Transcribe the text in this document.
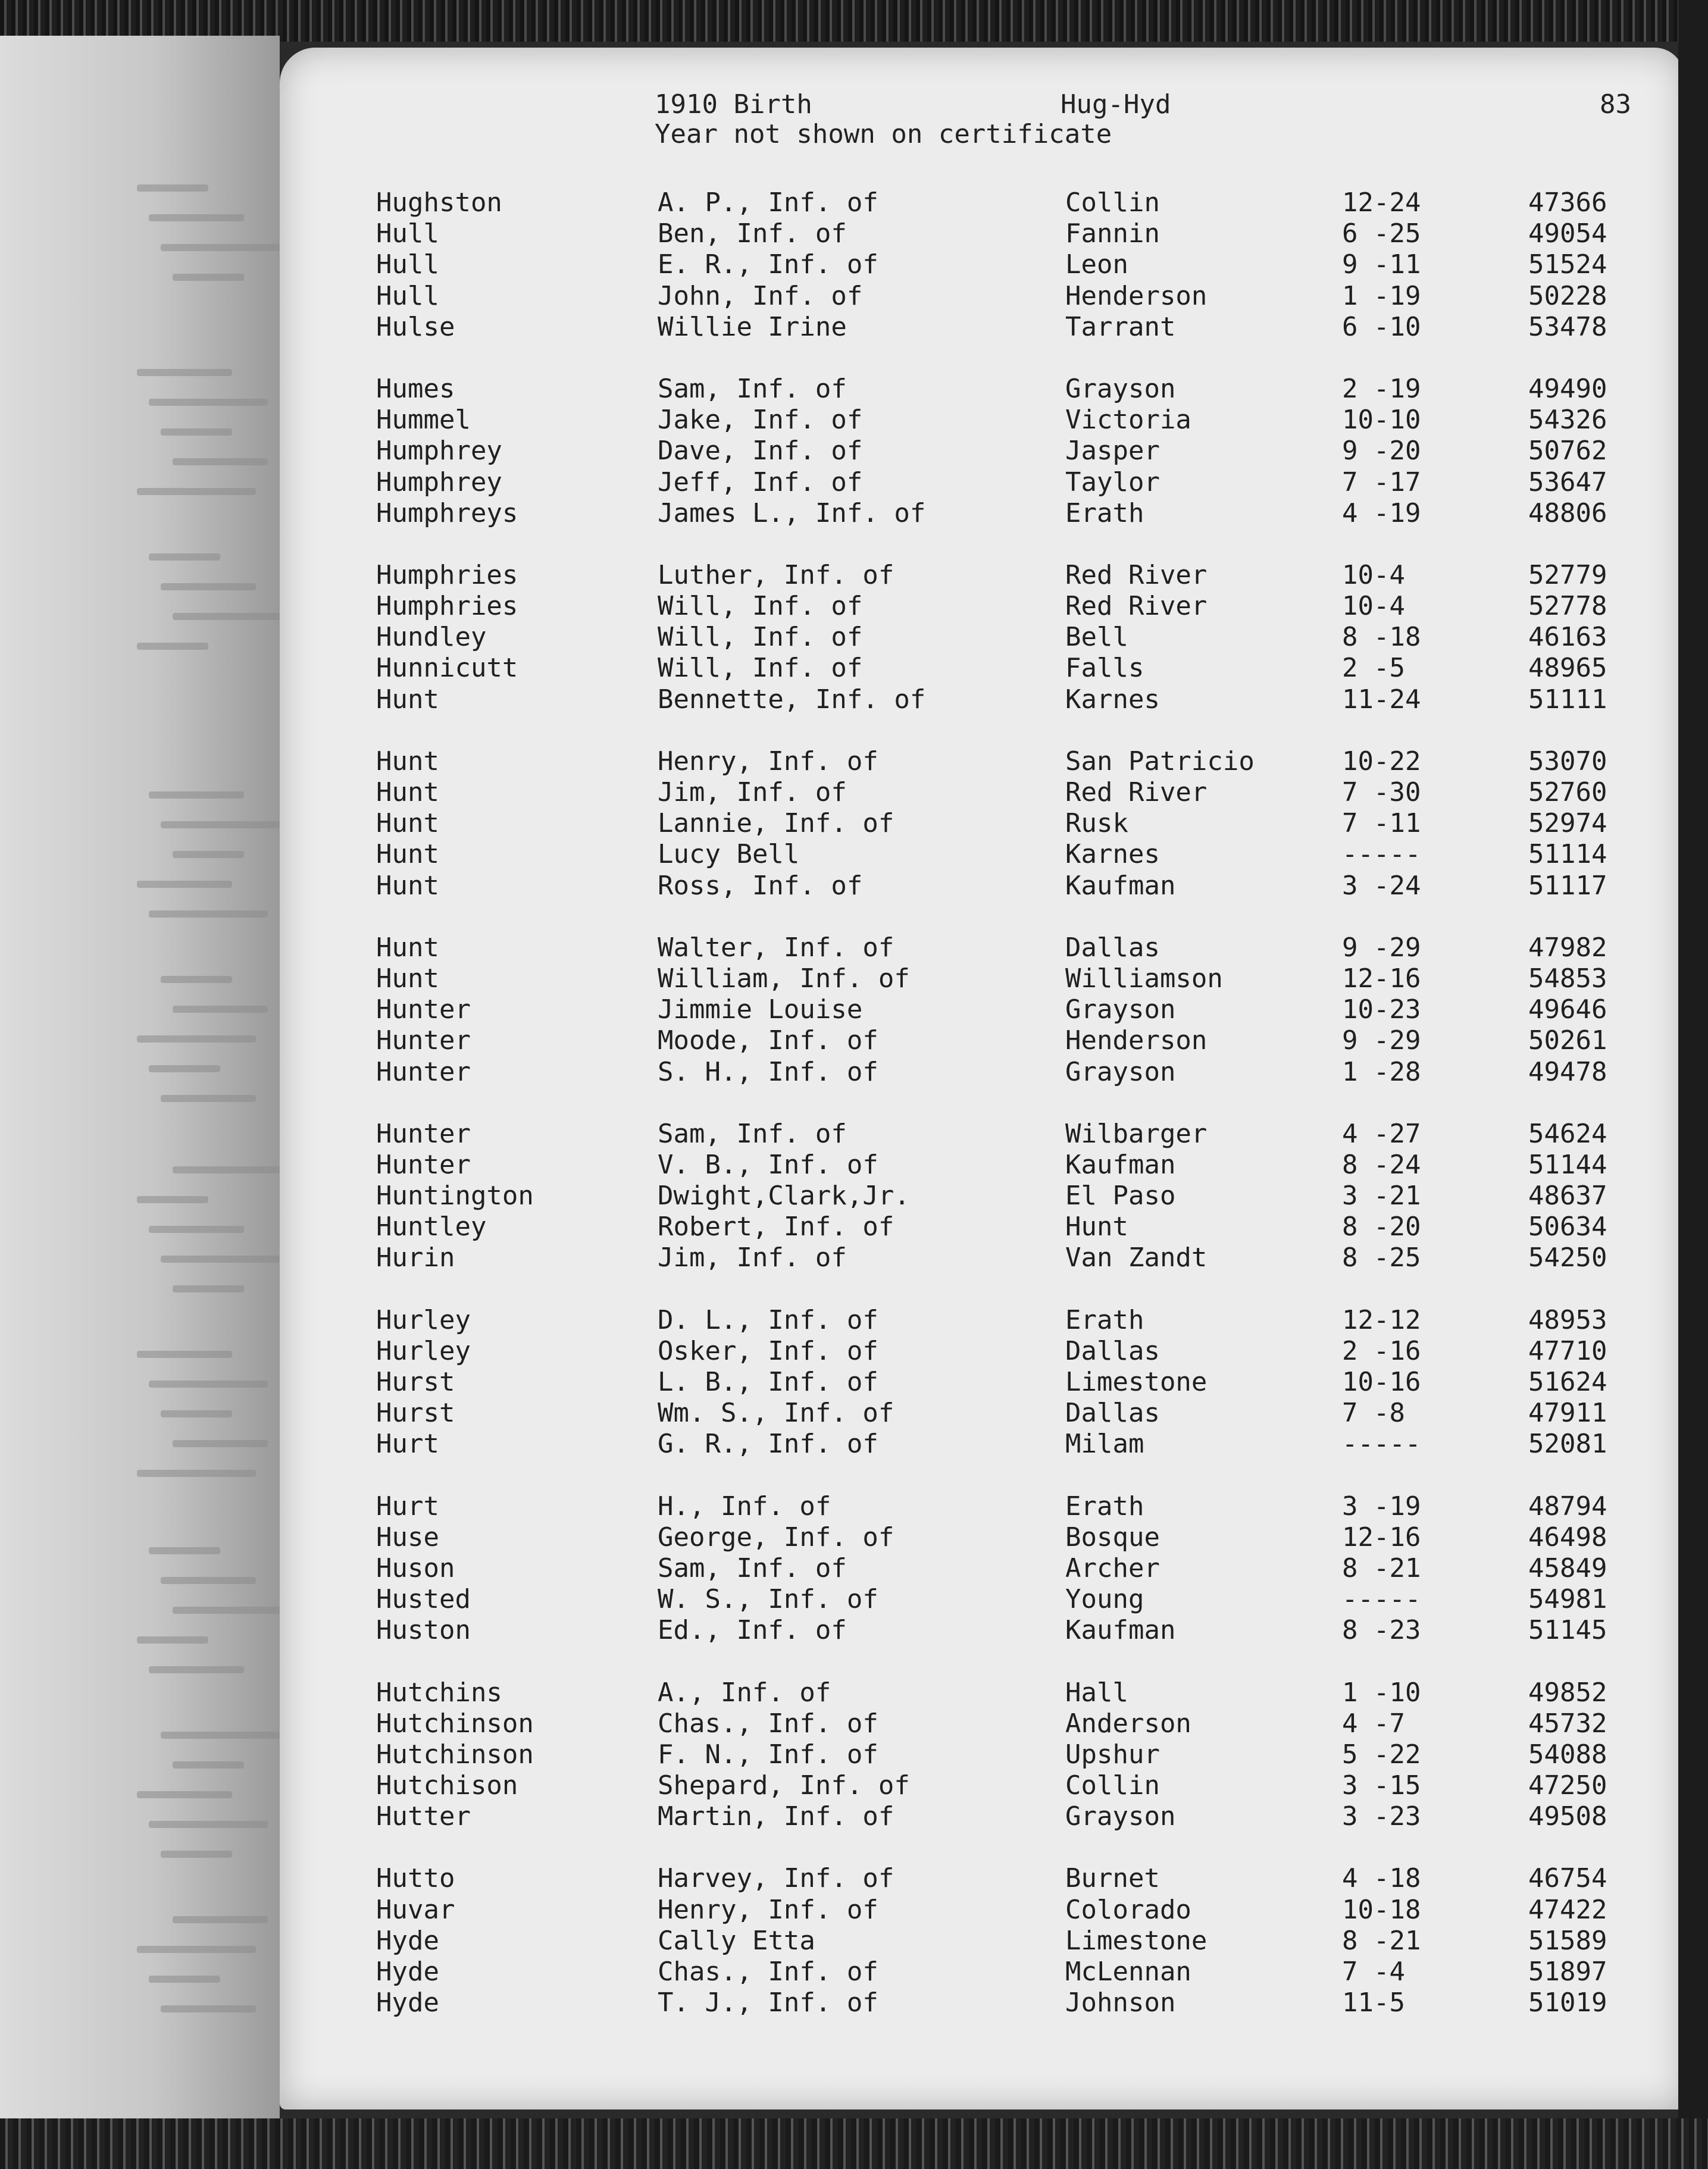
1910 Birth	Hug-Hyd	83
Year not shown on certificate
Hughston	A. P., Inf. of	Collin	12-24	47366
Hull	Ben, Inf. of	Fannin	6 -25	49054
Hull	E. R., Inf. of	Leon	9 -11	51524
Hull	John, Inf. of	Henderson	1 -19	50228
Hulse	Willie Irine	Tarrant	6 -10	53478
Humes	Sam, Inf. of	Grayson	2 -19	49490
Hummel	Jake, Inf. of	Victoria	10-10	54326
Humphrey	Dave, Inf. of	Jasper	9 -20	50762
Humphrey	Jeff, Inf. of	Taylor	7 -17	53647
Humphreys	James L., Inf. of	Erath	4 -19	48806
Humphries	Luther, Inf. of	Red River	10-4	52779
Humphries	Will, Inf. of	Red River	10-4	52778
Hundley	Will, Inf. of	Bell	8 -18	46163
Hunnicutt	Will, Inf. of	Falls	2 -5	48965
Hunt	Bennette, Inf. of	Karnes	11-24	51111
Hunt	Henry, Inf. of	San Patricio	10-22	53070
Hunt	Jim, Inf. of	Red River	7 -30	52760
Hunt	Lannie, Inf. of	Rusk	7 -11	52974
Hunt	Lucy Bell	Karnes	-----	51114
Hunt	Ross, Inf. of	Kaufman	3 -24	51117
Hunt	Walter, Inf. of	Dallas	9 -29	47982
Hunt	William, Inf. of	Williamson	12-16	54853
Hunter	Jimmie Louise	Grayson	10-23	49646
Hunter	Moode, Inf. of	Henderson	9 -29	50261
Hunter	S. H., Inf. of	Grayson	1 -28	49478
Hunter	Sam, Inf. of	Wilbarger	4 -27	54624
Hunter	V. B., Inf. of	Kaufman	8 -24	51144
Huntington	Dwight,Clark,Jr.	El Paso	3 -21	48637
Huntley	Robert, Inf. of	Hunt	8 -20	50634
Hurin	Jim, Inf. of	Van Zandt	8 -25	54250
Hurley	D. L., Inf. of	Erath	12-12	48953
Hurley	Osker, Inf. of	Dallas	2 -16	47710
Hurst	L. B., Inf. of	Limestone	10-16	51624
Hurst	Wm. S., Inf. of	Dallas	7 -8	47911
Hurt	G. R., Inf. of	Milam	-----	52081
Hurt	H., Inf. of	Erath	3 -19	48794
Huse	George, Inf. of	Bosque	12-16	46498
Huson	Sam, Inf. of	Archer	8 -21	45849
Husted	W. S., Inf. of	Young	-----	54981
Huston	Ed., Inf. of	Kaufman	8 -23	51145
Hutchins	A., Inf. of	Hall	1 -10	49852
Hutchinson	Chas., Inf. of	Anderson	4 -7	45732
Hutchinson	F. N., Inf. of	Upshur	5 -22	54088
Hutchison	Shepard, Inf. of	Collin	3 -15	47250
Hutter	Martin, Inf. of	Grayson	3 -23	49508
Hutto	Harvey, Inf. of	Burnet	4 -18	46754
Huvar	Henry, Inf. of	Colorado	10-18	47422
Hyde	Cally Etta	Limestone	8 -21	51589
Hyde	Chas., Inf. of	McLennan	7 -4	51897
Hyde	T. J., Inf. of	Johnson	11-5	51019
